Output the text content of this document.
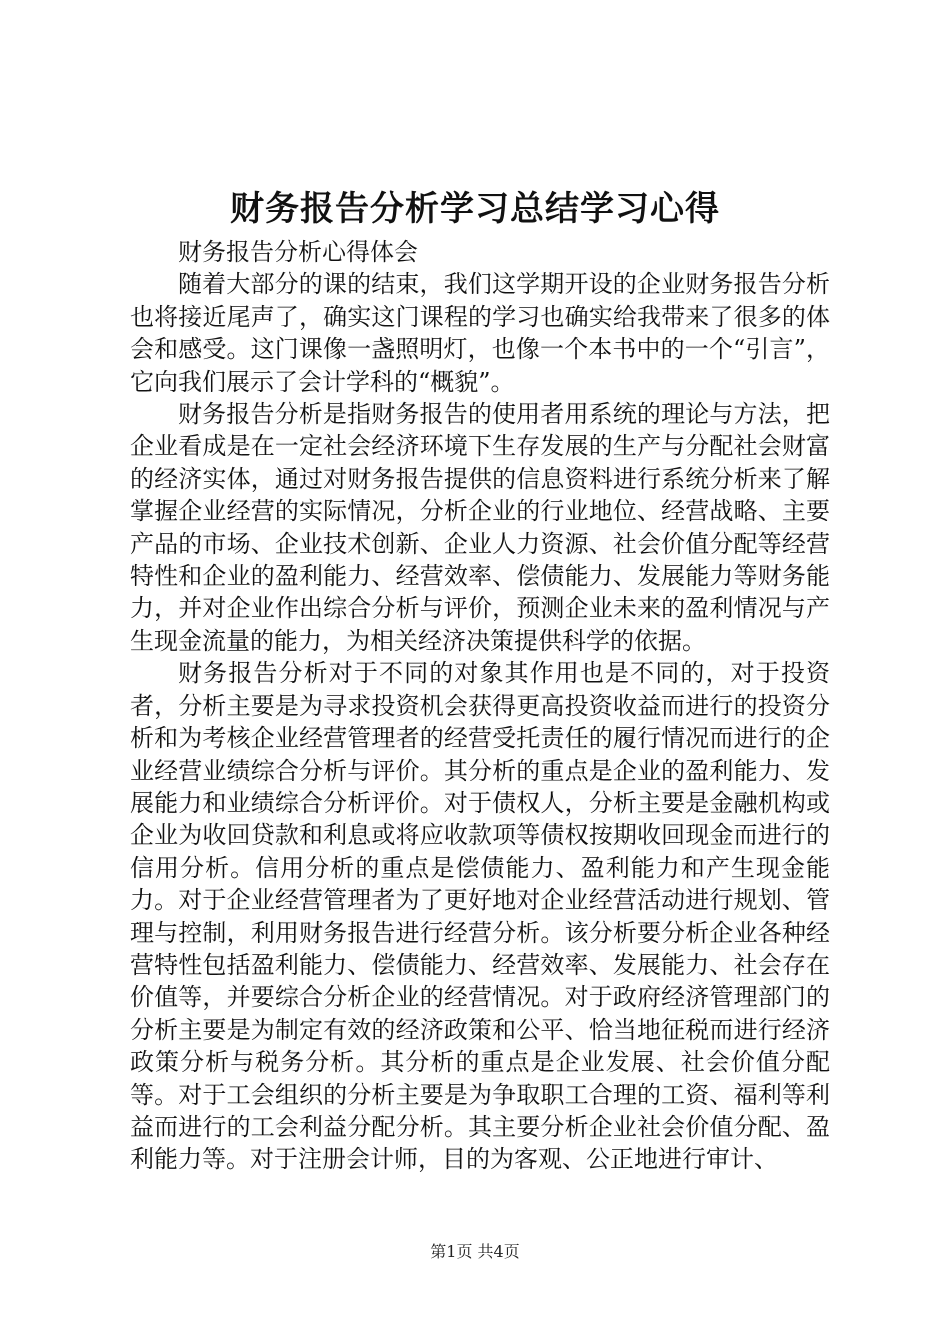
财务报告分析学习总结学习心得

财务报告分析心得体会

随着大部分的课的结束，我们这学期开设的企业财务报告分析也将接近尾声了，确实这门课程的学习也确实给我带来了很多的体会和感受。这门课像一盏照明灯，也像一个本书中的一个“引言”，它向我们展示了会计学科的“概貌”。

财务报告分析是指财务报告的使用者用系统的理论与方法，把企业看成是在一定社会经济环境下生存发展的生产与分配社会财富的经济实体，通过对财务报告提供的信息资料进行系统分析来了解掌握企业经营的实际情况，分析企业的行业地位、经营战略、主要产品的市场、企业技术创新、企业人力资源、社会价值分配等经营特性和企业的盈利能力、经营效率、偿债能力、发展能力等财务能力，并对企业作出综合分析与评价，预测企业未来的盈利情况与产生现金流量的能力，为相关经济决策提供科学的依据。

财务报告分析对于不同的对象其作用也是不同的，对于投资者，分析主要是为寻求投资机会获得更高投资收益而进行的投资分析和为考核企业经营管理者的经营受托责任的履行情况而进行的企业经营业绩综合分析与评价。其分析的重点是企业的盈利能力、发展能力和业绩综合分析评价。对于债权人，分析主要是金融机构或企业为收回贷款和利息或将应收款项等债权按期收回现金而进行的信用分析。信用分析的重点是偿债能力、盈利能力和产生现金能力。对于企业经营管理者为了更好地对企业经营活动进行规划、管理与控制，利用财务报告进行经营分析。该分析要分析企业各种经营特性包括盈利能力、偿债能力、经营效率、发展能力、社会存在价值等，并要综合分析企业的经营情况。对于政府经济管理部门的分析主要是为制定有效的经济政策和公平、恰当地征税而进行经济政策分析与税务分析。其分析的重点是企业发展、社会价值分配等。对于工会组织的分析主要是为争取职工合理的工资、福利等利益而进行的工会利益分配分析。其主要分析企业社会价值分配、盈利能力等。对于注册会计师，目的为客观、公正地进行审计、

第1页 共4页
